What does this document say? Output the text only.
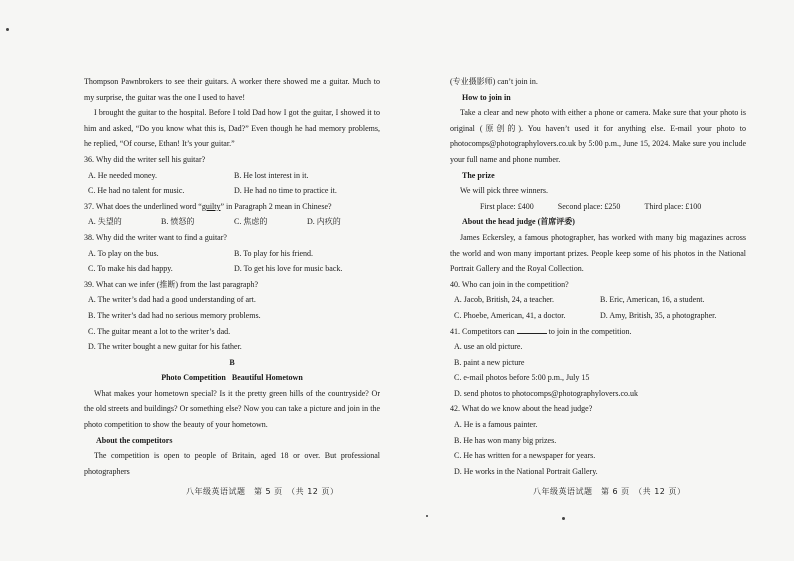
Thompson Pawnbrokers to see their guitars. A worker there showed me a guitar. Much to my surprise, the guitar was the one I used to have!

I brought the guitar to the hospital. Before I told Dad how I got the guitar, I showed it to him and asked, “Do you know what this is, Dad?” Even though he had memory problems, he replied, “Of course, Ethan! It’s your guitar.”

36. Why did the writer sell his guitar?

A. He needed money.	B. He lost interest in it.
C. He had no talent for music.	D. He had no time to practice it.

37. What does the underlined word “guilty” in Paragraph 2 mean in Chinese?

A. 失望的	B. 愤怒的	C. 焦虑的	D. 内疚的

38. Why did the writer want to find a guitar?

A. To play on the bus.	B. To play for his friend.
C. To make his dad happy.	D. To get his love for music back.

39. What can we infer (推断) from the last paragraph?

A. The writer’s dad had a good understanding of art.
B. The writer’s dad had no serious memory problems.
C. The guitar meant a lot to the writer’s dad.
D. The writer bought a new guitar for his father.
B
Photo Competition   Beautiful Hometown

What makes your hometown special? Is it the pretty green hills of the countryside? Or the old streets and buildings? Or something else? Now you can take a picture and join in the photo competition to show the beauty of your hometown.

About the competitors

The competition is open to people of Britain, aged 18 or over. But professional photographers

八年级英语试题　第 5 页　（共 12 页）

(专业摄影师) can’t join in.

How to join in

Take a clear and new photo with either a phone or camera. Make sure that your photo is original (原创的). You haven’t used it for anything else. E-mail your photo to photocomps@photographylovers.co.uk by 5:00 p.m., June 15, 2024. Make sure you include your full name and phone number.

The prize

We will pick three winners.

First place: £400	Second place: £250	Third place: £100
About the head judge (首席评委)

James Eckersley, a famous photographer, has worked with many big magazines across the world and won many important prizes. People keep some of his photos in the National Portrait Gallery and the Royal Collection.

40. Who can join in the competition?

A. Jacob, British, 24, a teacher.	B. Eric, American, 16, a student.
C. Phoebe, American, 41, a doctor.	D. Amy, British, 35, a photographer.

41. Competitors can	to join in the competition.

A. use an old picture.
B. paint a new picture
C. e-mail photos before 5:00 p.m., July 15
D. send photos to photocomps@photographylovers.co.uk

42. What do we know about the head judge?

A. He is a famous painter.
B. He has won many big prizes.
C. He has written for a newspaper for years.
D. He works in the National Portrait Gallery.
八年级英语试题　第 6 页　（共 12 页）
